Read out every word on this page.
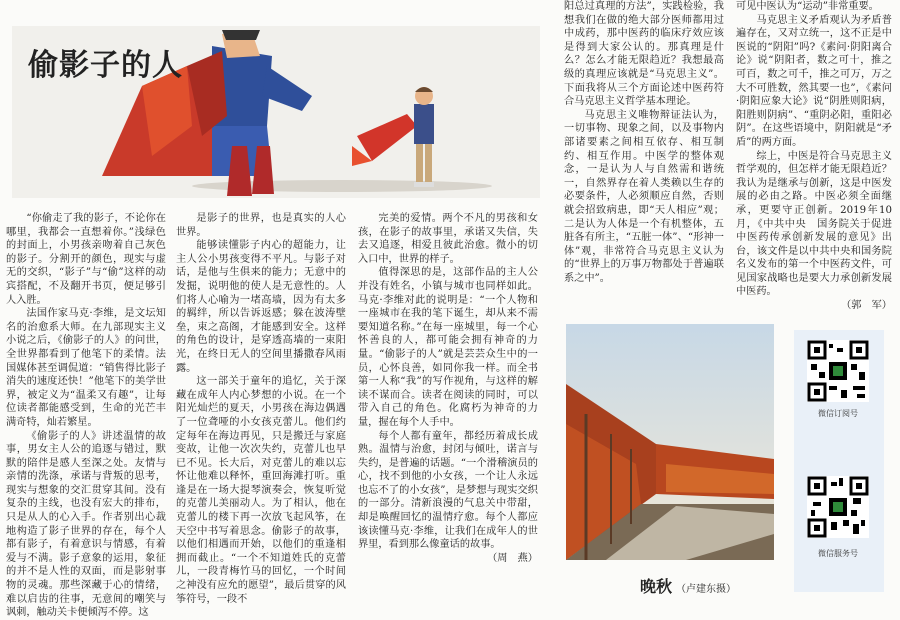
偷影子的人

“你偷走了我的影子，不论你在哪里，我都会一直想着你。”浅绿色的封面上，小男孩亲吻着自己灰色的影子。分割开的颜色，现实与虚无的交织，“影子”与“偷”这样的动宾搭配，不及翻开书页，便足够引人入胜。

法国作家马克·李维，是文坛知名的治愈系大师。在九部现实主义小说之后，《偷影子的人》的问世，全世界都看到了他笔下的柔情。法国媒体甚至调侃道：“销售得比影子消失的速度还快！”他笔下的美学世界，被定义为“温柔又有趣”，让每位读者都能感受到，生命的光芒丰满奇特，灿若繁星。

《偷影子的人》讲述温情的故事，男女主人公的追逐与错过，默默的陪伴是感人至深之处。友情与亲情的洗涤，承诺与背叛的思考，现实与想象的交汇贯穿其间。没有复杂的主线，也没有宏大的排布，只是从人的心入手。作者别出心裁地构造了影子世界的存在，每个人都有影子，有着意识与情感，有着爱与不满。影子意象的运用，象征的并不是人性的双面，而是影射事物的灵魂。那些深藏于心的情绪，难以启齿的往事，无意间的嘲笑与讽刺，触动关卡便倾泻不停。这

是影子的世界，也是真实的人心世界。

能够读懂影子内心的超能力，让主人公小男孩变得不平凡。与影子对话，是他与生俱来的能力；无意中的发掘，说明他的使人是无意性的。人们将人心喻为一堵高墙，因为有太多的羁绊，所以告诉返感；躲在波涛壁垒，束之高阁，才能感到安全。这样的角色的设计，是穿透高墙的一束阳光，在终日无人的空间里播撒春风雨露。

这一部关于童年的追忆，关于深藏在成年人内心梦想的小说。在一个阳光灿烂的夏天，小男孩在海边偶遇了一位聋哑的小女孩克蕾儿。他们约定每年在海边再见，只是搬迁与家庭变故，让他一次次失约，克蕾儿也早已不见。长大后，对克蕾儿的难以忘怀让他难以释怀，重回海滩打听。重逢是在一场大提琴演奏会，恢复听觉的克蕾儿美丽动人。为了相认，他在克蕾儿的楼下再一次放飞起风筝，在天空中书写着思念。偷影子的故事，以他们相遇而开始，以他们的重逢相拥而截止。“一个不知道姓氏的克蕾儿，一段青梅竹马的回忆，一个时间之神没有应允的愿望”，最后贯穿的风筝符号，一段不

完美的爱情。两个不凡的男孩和女孩，在影子的故事里，承诺又失信，失去又追逐，相爱且彼此治愈。微小的切入口中，世界的样子。

值得深思的是，这部作品的主人公并没有姓名，小镇与城市也同样如此。马克·李维对此的说明是：“一个人物和一座城市在我的笔下诞生，却从来不需要知道名称。”在每一座城里，每一个心怀善良的人，都可能会拥有神奇的力量。“偷影子的人”就是芸芸众生中的一员，心怀良善，如同你我一样。而全书第一人称“我”的写作视角，与这样的解读不谋而合。读者在阅读的同时，可以带入自己的角色。化腐朽为神奇的力量，握在每个人手中。

每个人都有童年，都经历着成长成熟。温情与治愈，封闭与倾吐，诺言与失约，是普遍的话题。“一个滑稽演员的心，找不到他的小女孩，一个让人永远也忘不了的小女孩”，是梦想与现实交织的一部分。清新浪漫的气息关中带甜，却是唤醒回忆的温情疗愈。每个人都应该读懂马克·李维，让我们在成年人的世界里，看到那么像童话的故事。

（周　燕）

阳总过真理的方法”，实践检验，我想我们在做的绝大部分医师都用过中成药，那中医药的临床疗效应该是得到大家公认的。那真理是什么？怎么才能无限趋近？我想最高级的真理应该就是“马克思主义”。下面我将从三个方面论述中医药符合马克思主义哲学基本理论。

马克思主义唯物辩证法认为，一切事物、现象之间，以及事物内部诸要素之间相互依存、相互制约、相互作用。中医学的整体观念，一是认为人与自然需和谐统一，自然界存在着人类赖以生存的必要条件，人必须顺应自然，否则就会招致病患，即“天人相应”观；二是认为人体是一个有机整体，五脏各有所主，“五脏一体”、“形神一体”观，非常符合马克思主义认为的“世界上的万事万物都处于普遍联系之中”。

可见中医认为“运动”非常重要。

马克思主义矛盾观认为矛盾普遍存在，又对立统一，这不正是中医说的“阴阳”吗?《素问·阴阳离合论》说“阴阳者，数之可十，推之可百，数之可千，推之可万，万之大不可胜数，然其要一也”，《素问·阴阳应象大论》说“阴胜则阳病，阳胜则阴病”、“重阴必阳，重阳必阴”。在这些语境中，阴阳就是“矛盾”的两方面。

综上，中医是符合马克思主义哲学观的，但怎样才能无限趋近？我认为是继承与创新，这是中医发展的必由之路。中医必须全面继承，更要守正创新。2019年10月，《中共中央　国务院关于促进中医药传承创新发展的意见》出台，该文件是以中共中央和国务院名义发布的第一个中医药文件，可见国家战略也是要大力承创新发展中医药。

（郭　军）

晚秋 （卢建东摄）
微信订阅号
微信服务号
